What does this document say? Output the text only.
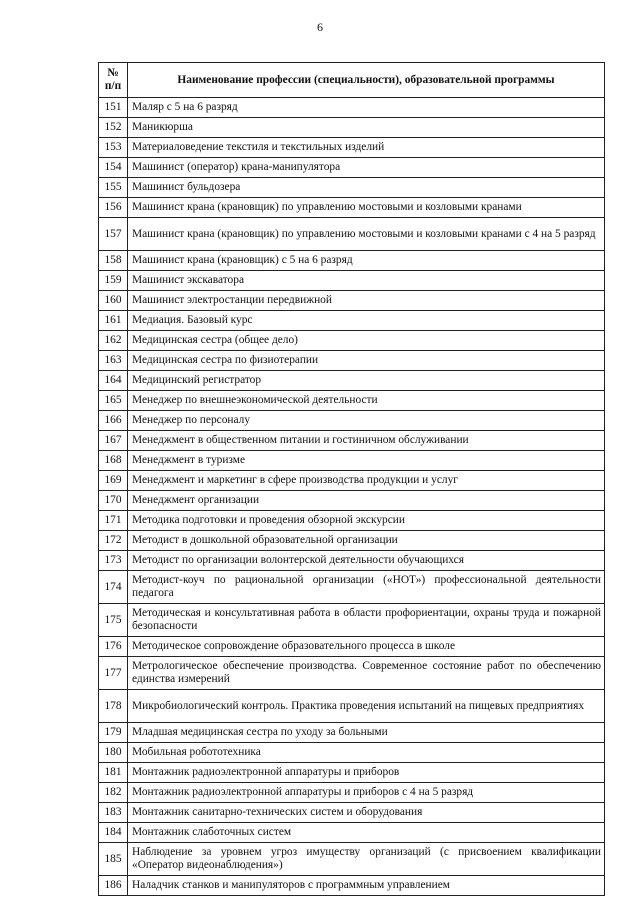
6
№
п/п	Наименование профессии (специальности), образовательной программы
151	Маляр с 5 на 6 разряд
152	Маникюрша
153	Материаловедение текстиля и текстильных изделий
154	Машинист (оператор) крана-манипулятора
155	Машинист бульдозера
156	Машинист крана (крановщик) по управлению мостовыми и козловыми кранами
157	Машинист крана (крановщик) по управлению мостовыми и козловыми кранами с 4 на 5 разряд
158	Машинист крана (крановщик) с 5 на 6 разряд
159	Машинист экскаватора
160	Машинист электростанции передвижной
161	Медиация. Базовый курс
162	Медицинская сестра (общее дело)
163	Медицинская сестра по физиотерапии
164	Медицинский регистратор
165	Менеджер по внешнеэкономической деятельности
166	Менеджер по персоналу
167	Менеджмент в общественном питании и гостиничном обслуживании
168	Менеджмент в туризме
169	Менеджмент и маркетинг в сфере производства продукции и услуг
170	Менеджмент организации
171	Методика подготовки и проведения обзорной экскурсии
172	Методист в дошкольной образовательной организации
173	Методист по организации волонтерской деятельности обучающихся
174	Методист-коуч по рациональной организации («НОТ») профессиональной деятельности педагога
175	Методическая и консультативная работа в области профориентации, охраны труда и пожарной безопасности
176	Методическое сопровождение образовательного процесса в школе
177	Метрологическое обеспечение производства. Современное состояние работ по обеспечению единства измерений
178	Микробиологический контроль. Практика проведения испытаний на пищевых предприятиях
179	Младшая медицинская сестра по уходу за больными
180	Мобильная робототехника
181	Монтажник радиоэлектронной аппаратуры и приборов
182	Монтажник радиоэлектронной аппаратуры и приборов с 4 на 5 разряд
183	Монтажник санитарно-технических систем и оборудования
184	Монтажник слаботочных систем
185	Наблюдение за уровнем угроз имуществу организаций (с присвоением квалификации «Оператор видеонаблюдения»)
186	Наладчик станков и манипуляторов с программным управлением
